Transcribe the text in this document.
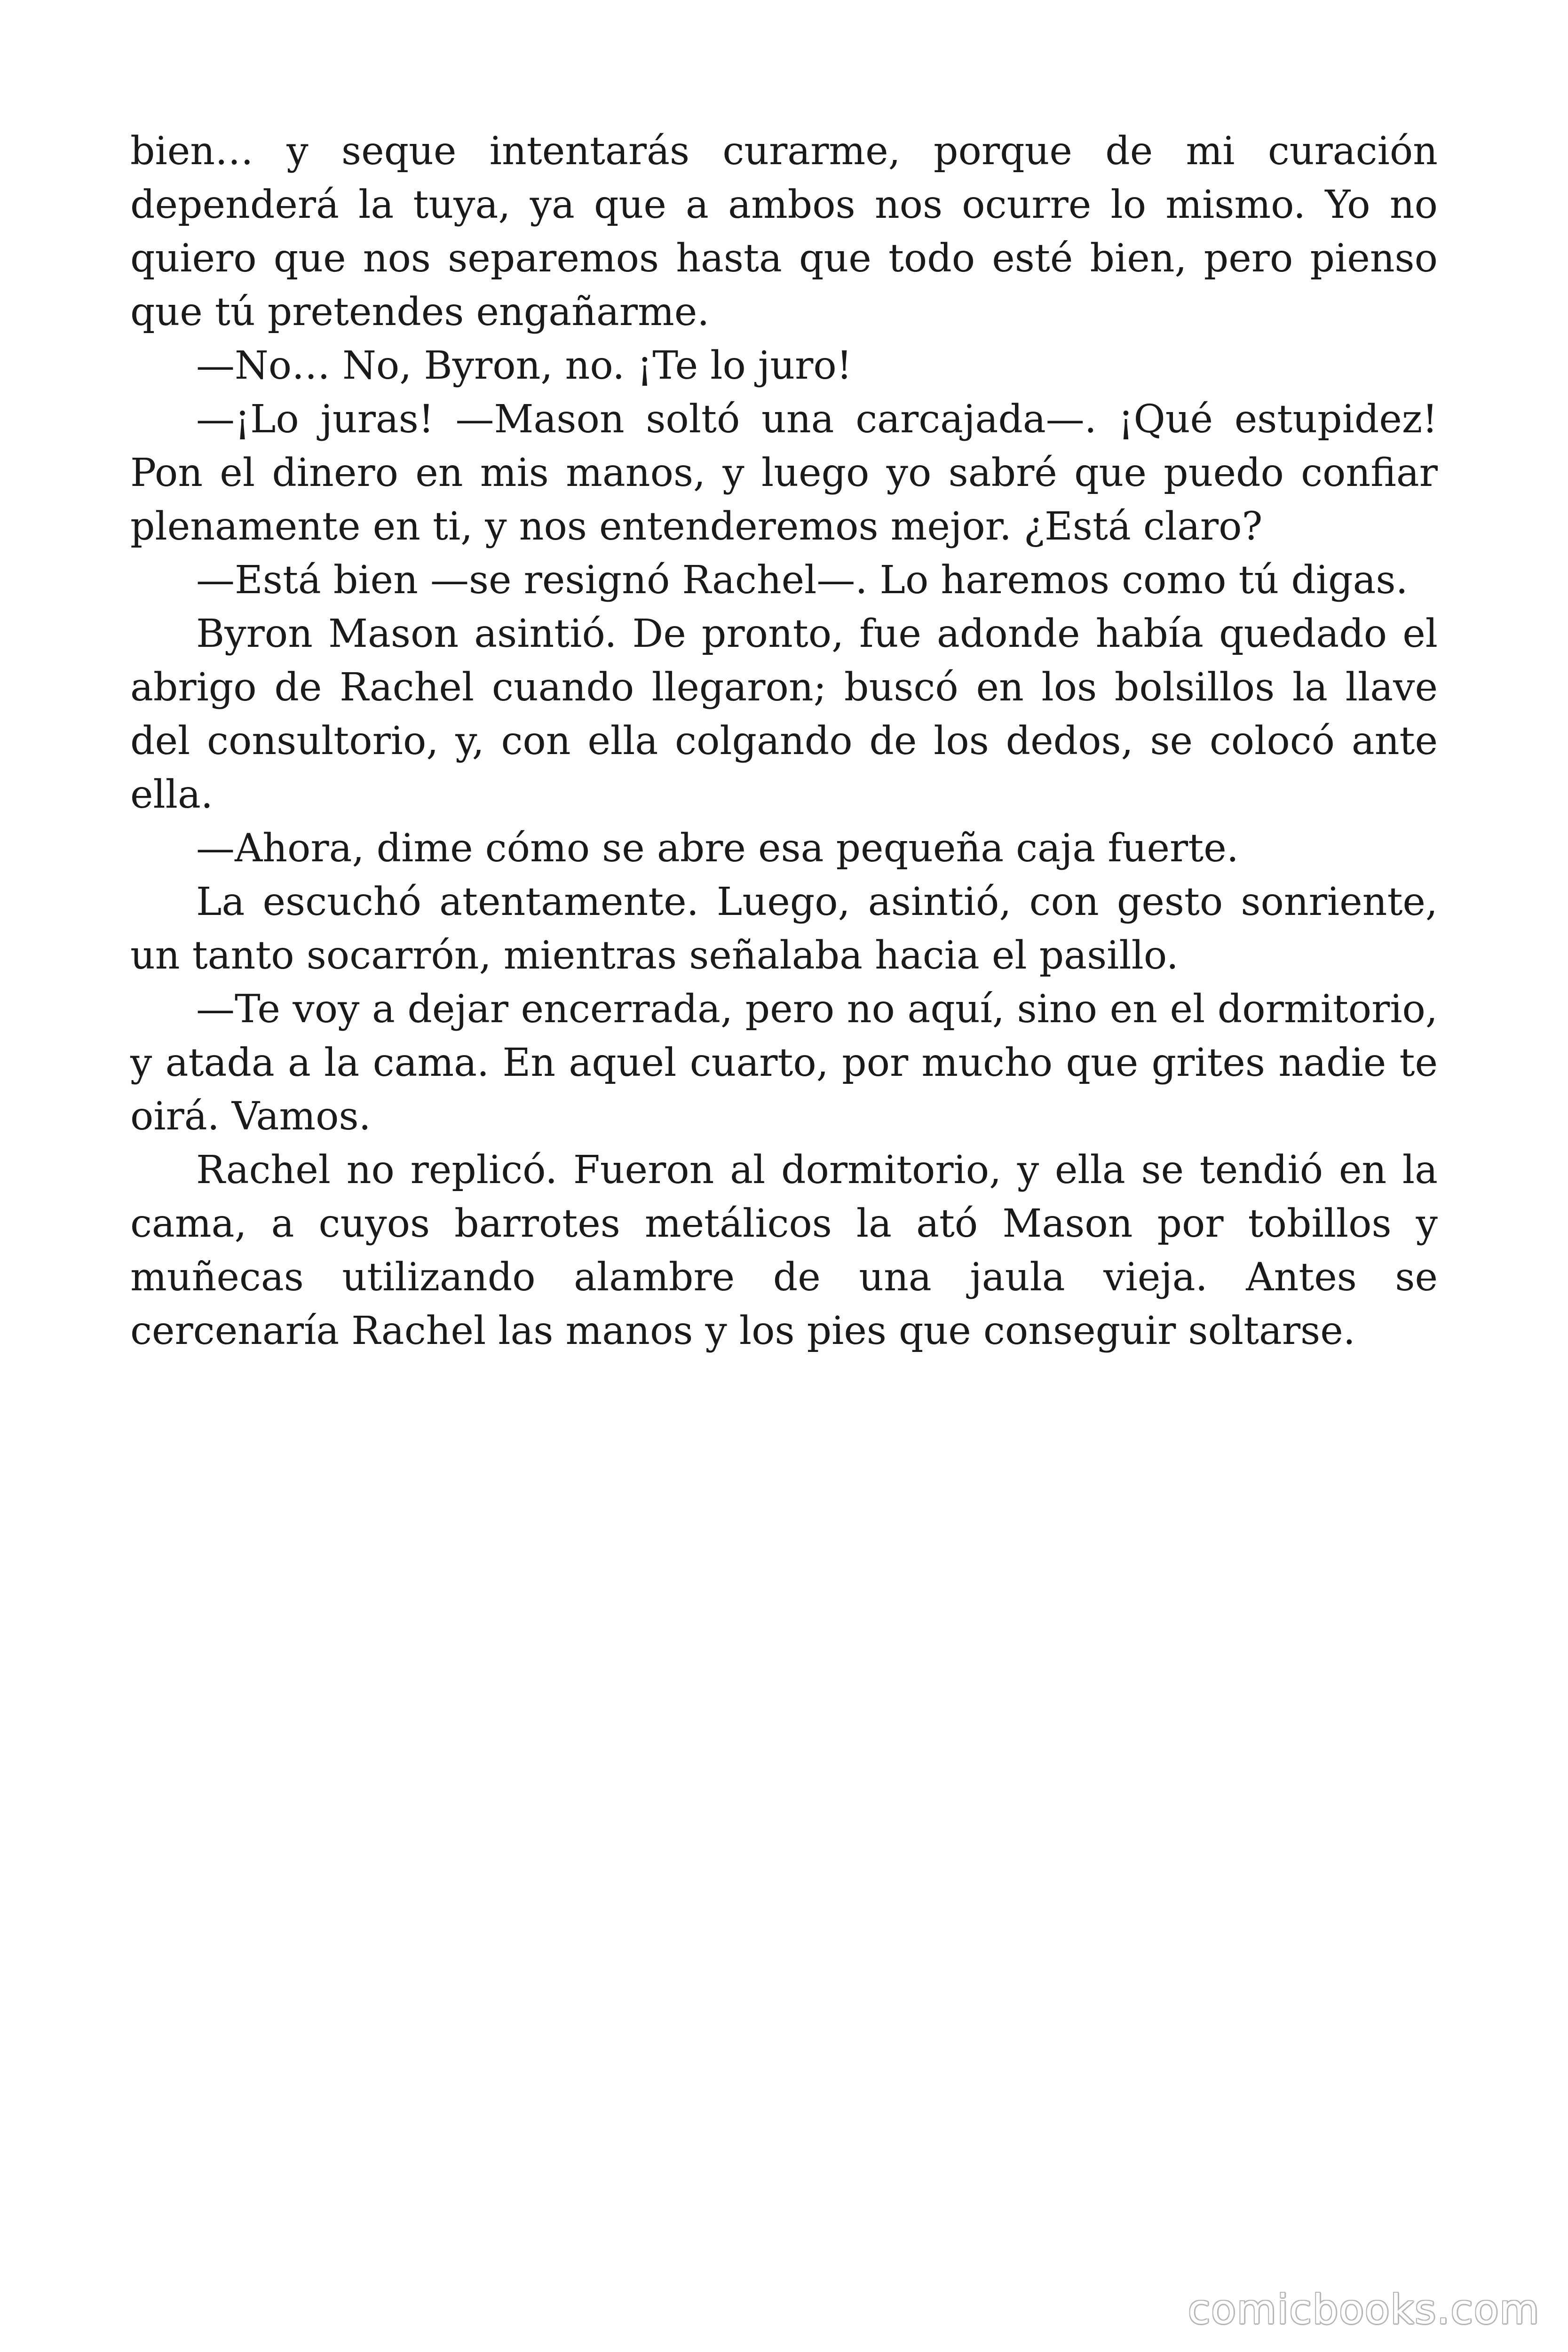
bien… y seque intentarás curarme, porque de mi curación dependerá la tuya, ya que a ambos nos ocurre lo mismo. Yo no quiero que nos separemos hasta que todo esté bien, pero pienso que tú pretendes engañarme.

—No… No, Byron, no. ¡Te lo juro!

—¡Lo juras! —Mason soltó una carcajada—. ¡Qué estupidez! Pon el dinero en mis manos, y luego yo sabré que puedo confiar plenamente en ti, y nos entenderemos mejor. ¿Está claro?

—Está bien —se resignó Rachel—. Lo haremos como tú digas.

Byron Mason asintió. De pronto, fue adonde había quedado el abrigo de Rachel cuando llegaron; buscó en los bolsillos la llave del consultorio, y, con ella colgando de los dedos, se colocó ante ella.

—Ahora, dime cómo se abre esa pequeña caja fuerte.

La escuchó atentamente. Luego, asintió, con gesto sonriente, un tanto socarrón, mientras señalaba hacia el pasillo.

—Te voy a dejar encerrada, pero no aquí, sino en el dormitorio, y atada a la cama. En aquel cuarto, por mucho que grites nadie te oirá. Vamos.

Rachel no replicó. Fueron al dormitorio, y ella se tendió en la cama, a cuyos barrotes metálicos la ató Mason por tobillos y muñecas utilizando alambre de una jaula vieja. Antes se cercenaría Rachel las manos y los pies que conseguir soltarse.

comicbooks.com
